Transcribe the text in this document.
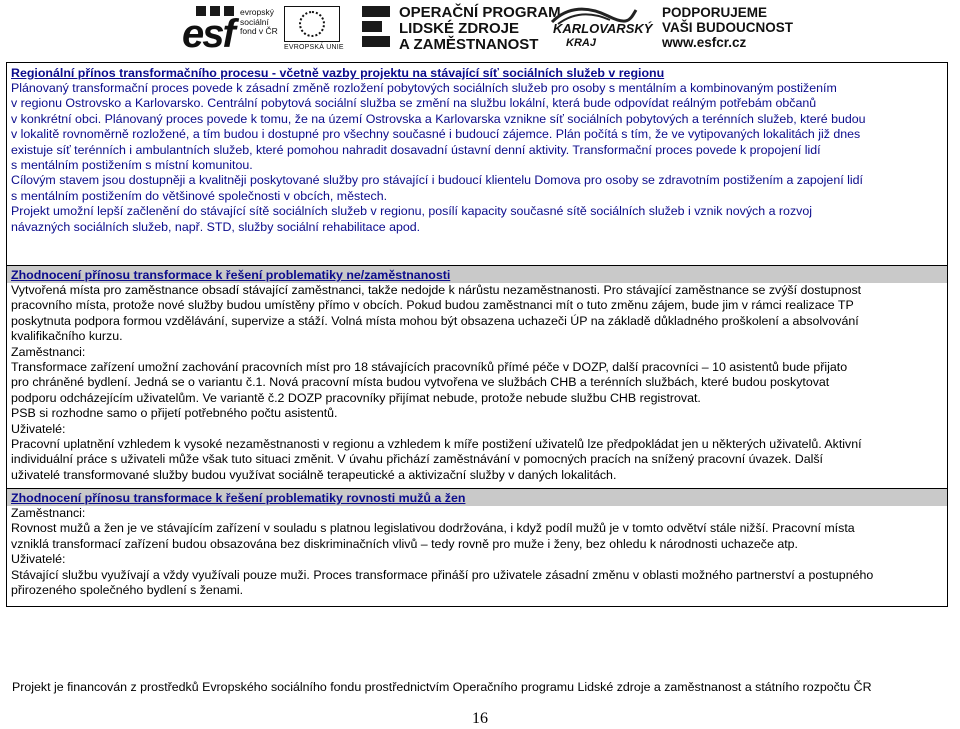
esf evropský
sociální
fond v ČR
EVROPSKÁ UNIE
OPERAČNÍ PROGRAM
LIDSKÉ ZDROJE
A ZAMĚSTNANOST
KARLOVARSKÝ
KRAJ
PODPORUJEME
VAŠI BUDOUCNOST
www.esfcr.cz
Regionální přínos transformačního procesu - včetně vazby projektu na stávající síť sociálních služeb v regionu
Plánovaný transformační proces povede k zásadní změně rozložení pobytových sociálních služeb pro osoby s mentálním a kombinovaným postižením
v regionu Ostrovsko a Karlovarsko. Centrální pobytová sociální služba se změní na službu lokální, která bude odpovídat reálným potřebám občanů
v konkrétní obci. Plánovaný proces povede k tomu, že na území Ostrovska a Karlovarska vznikne síť sociálních pobytových a terénních služeb, které budou
v lokalitě rovnoměrně rozložené, a tím budou i dostupné pro všechny současné i budoucí zájemce. Plán počítá s tím, že ve vytipovaných lokalitách již dnes
existuje síť terénních i ambulantních služeb, které pomohou nahradit dosavadní ústavní denní aktivity. Transformační proces povede k propojení lidí
s mentálním postižením s místní komunitou.
Cílovým stavem jsou dostupněji a kvalitněji poskytované služby pro stávající i budoucí klientelu Domova pro osoby se zdravotním postižením a zapojení lidí
s mentálním postižením do většinové společnosti v obcích, městech.
Projekt umožní lepší začlenění do stávající sítě sociálních služeb v regionu, posílí kapacity současné sítě sociálních služeb i vznik nových a rozvoj
návazných sociálních služeb, např. STD, služby sociální rehabilitace apod.
Zhodnocení přínosu transformace k řešení problematiky ne/zaměstnanosti
Vytvořená místa pro zaměstnance obsadí stávající zaměstnanci, takže nedojde k nárůstu nezaměstnanosti. Pro stávající zaměstnance se zvýší dostupnost
pracovního místa, protože nové služby budou umístěny přímo v obcích. Pokud budou zaměstnanci mít o tuto změnu zájem, bude jim v rámci realizace TP
poskytnuta podpora formou vzdělávání, supervize a stáží. Volná místa mohou být obsazena uchazeči ÚP na základě důkladného proškolení a absolvování
kvalifikačního kurzu.
Zaměstnanci:
Transformace zařízení umožní zachování pracovních míst pro 18 stávajících pracovníků přímé péče v DOZP, další pracovníci – 10 asistentů bude přijato
pro chráněné bydlení. Jedná se o variantu č.1. Nová pracovní místa budou vytvořena ve službách CHB a terénních službách, které budou poskytovat
podporu odcházejícím uživatelům. Ve variantě č.2 DOZP pracovníky přijímat nebude, protože nebude službu CHB registrovat.
PSB si rozhodne samo o přijetí potřebného počtu asistentů.
Uživatelé:
Pracovní uplatnění vzhledem k vysoké nezaměstnanosti v regionu a vzhledem k míře postižení uživatelů lze předpokládat jen u některých uživatelů. Aktivní
individuální práce s uživateli může však tuto situaci změnit. V úvahu přichází zaměstnávání v pomocných pracích na snížený pracovní úvazek. Další
uživatelé transformované služby budou využívat sociálně terapeutické a aktivizační služby v daných lokalitách.
Zhodnocení přínosu transformace k řešení problematiky rovnosti mužů a žen
Zaměstnanci:
Rovnost mužů a žen je ve stávajícím zařízení v souladu s platnou legislativou dodržována, i když podíl mužů je v tomto odvětví stále nižší. Pracovní místa
vzniklá transformací zařízení budou obsazována bez diskriminačních vlivů – tedy rovně pro muže i ženy, bez ohledu k národnosti uchazeče atp.
Uživatelé:
Stávající službu využívají a vždy využívali pouze muži. Proces transformace přináší pro uživatele zásadní změnu v oblasti možného partnerství a postupného
přirozeného společného bydlení s ženami.
Projekt je financován z prostředků Evropského sociálního fondu prostřednictvím Operačního programu Lidské zdroje a zaměstnanost a státního rozpočtu ČR
16
